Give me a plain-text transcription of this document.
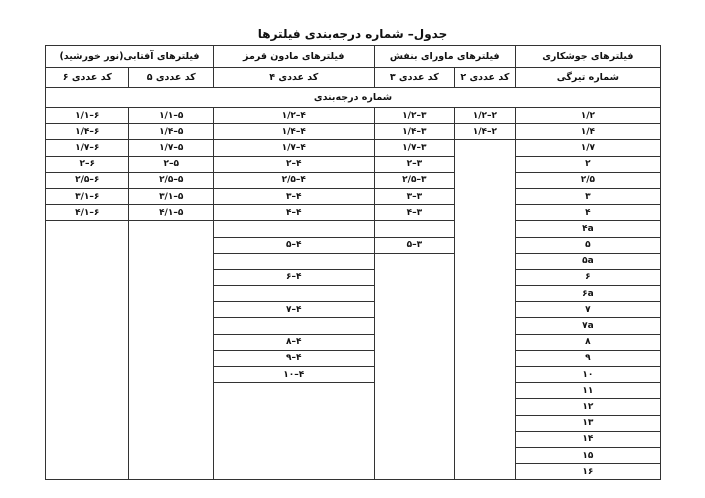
جدول– شماره درجه‌بندی فیلترها
فیلترهای جوشکاری	فیلترهای ماورای بنفش		فیلترهای مادون قرمز	فیلترهای آفتابی(نور خورشید)	
شماره تیرگی	کد عددی ۲	کد عددی ۳	کد عددی ۴	کد عددی ۵	کد عددی ۶
شماره درجه‌بندی					
۱/۲	۲–۱/۲	۳–۱/۲	۴–۱/۲	۵–۱/۱	۶–۱/۱
۱/۴	۲–۱/۴	۳–۱/۴	۴–۱/۴	۵–۱/۴	۶–۱/۴
۱/۷		۳–۱/۷	۴–۱/۷	۵–۱/۷	۶–۱/۷
۲		۳–۲	۴–۲	۵–۲	۶–۲
۲/۵		۳–۲/۵	۴–۲/۵	۵–۲/۵	۶–۲/۵
۳		۳–۳	۴–۳	۵–۳/۱	۶–۳/۱
۴		۳–۴	۴–۴	۵–۴/۱	۶–۴/۱
۴a					
۵		۳–۵	۴–۵		
۵a					
۶			۴–۶		
۶a					
۷			۴–۷		
۷a					
۸			۴–۸		
۹			۴–۹		
۱۰			۴–۱۰		
۱۱					
۱۲					
۱۳					
۱۴					
۱۵					
۱۶					
